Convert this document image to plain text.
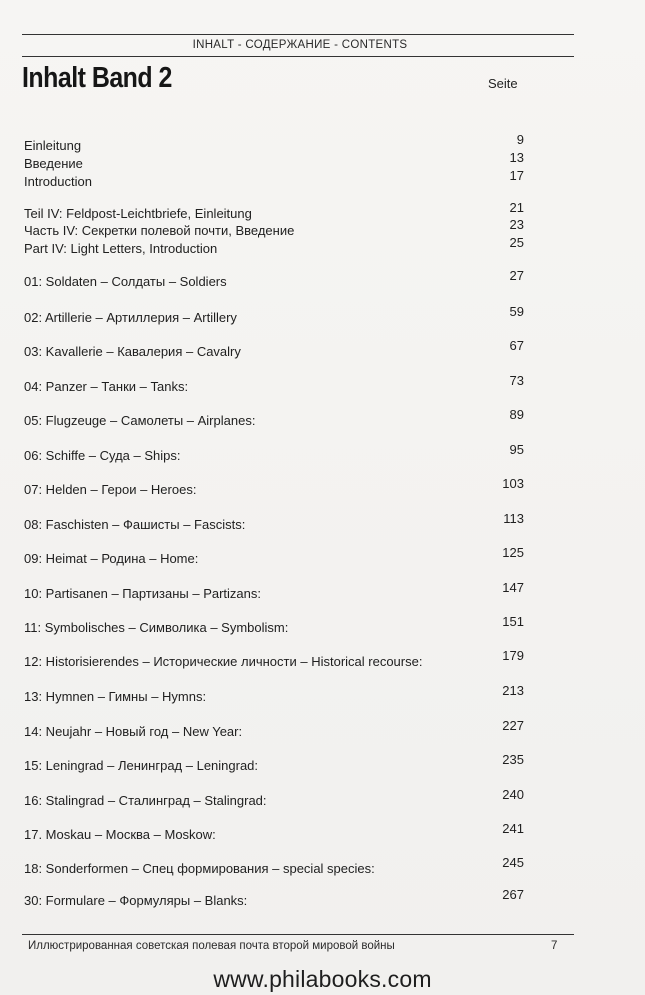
INHALT - СОДЕРЖАНИЕ - CONTENTS
Inhalt Band 2	Seite
Einleitung	9
Введение	13
Introduction	17
Teil IV: Feldpost-Leichtbriefe, Einleitung	21
Часть IV: Секретки полевой почти, Введение	23
Part IV: Light Letters, Introduction	25
01: Soldaten – Солдаты – Soldiers	27
02: Artillerie – Артиллерия – Artillery	59
03: Kavallerie – Кавалерия – Cavalry	67
04: Panzer – Танки – Tanks:	73
05: Flugzeuge – Самолеты – Airplanes:	89
06: Schiffe – Суда – Ships:	95
07: Helden – Герои – Heroes:	103
08: Faschisten – Фашисты – Fascists:	113
09: Heimat – Родина – Home:	125
10: Partisanen – Партизаны – Partizans:	147
11: Symbolisches – Символика – Symbolism:	151
12: Historisierendes – Исторические личности – Historical recourse:	179
13: Hymnen – Гимны – Hymns:	213
14: Neujahr – Новый год – New Year:	227
15: Leningrad – Ленинград – Leningrad:	235
16: Stalingrad – Сталинград – Stalingrad:	240
17. Moskau – Москва – Moskow:	241
18: Sonderformen – Спец формирования – special species:	245
30: Formulare – Формуляры – Blanks:	267
Иллюстрированная советская полевая почта второй мировой войны	7
www.philabooks.com
